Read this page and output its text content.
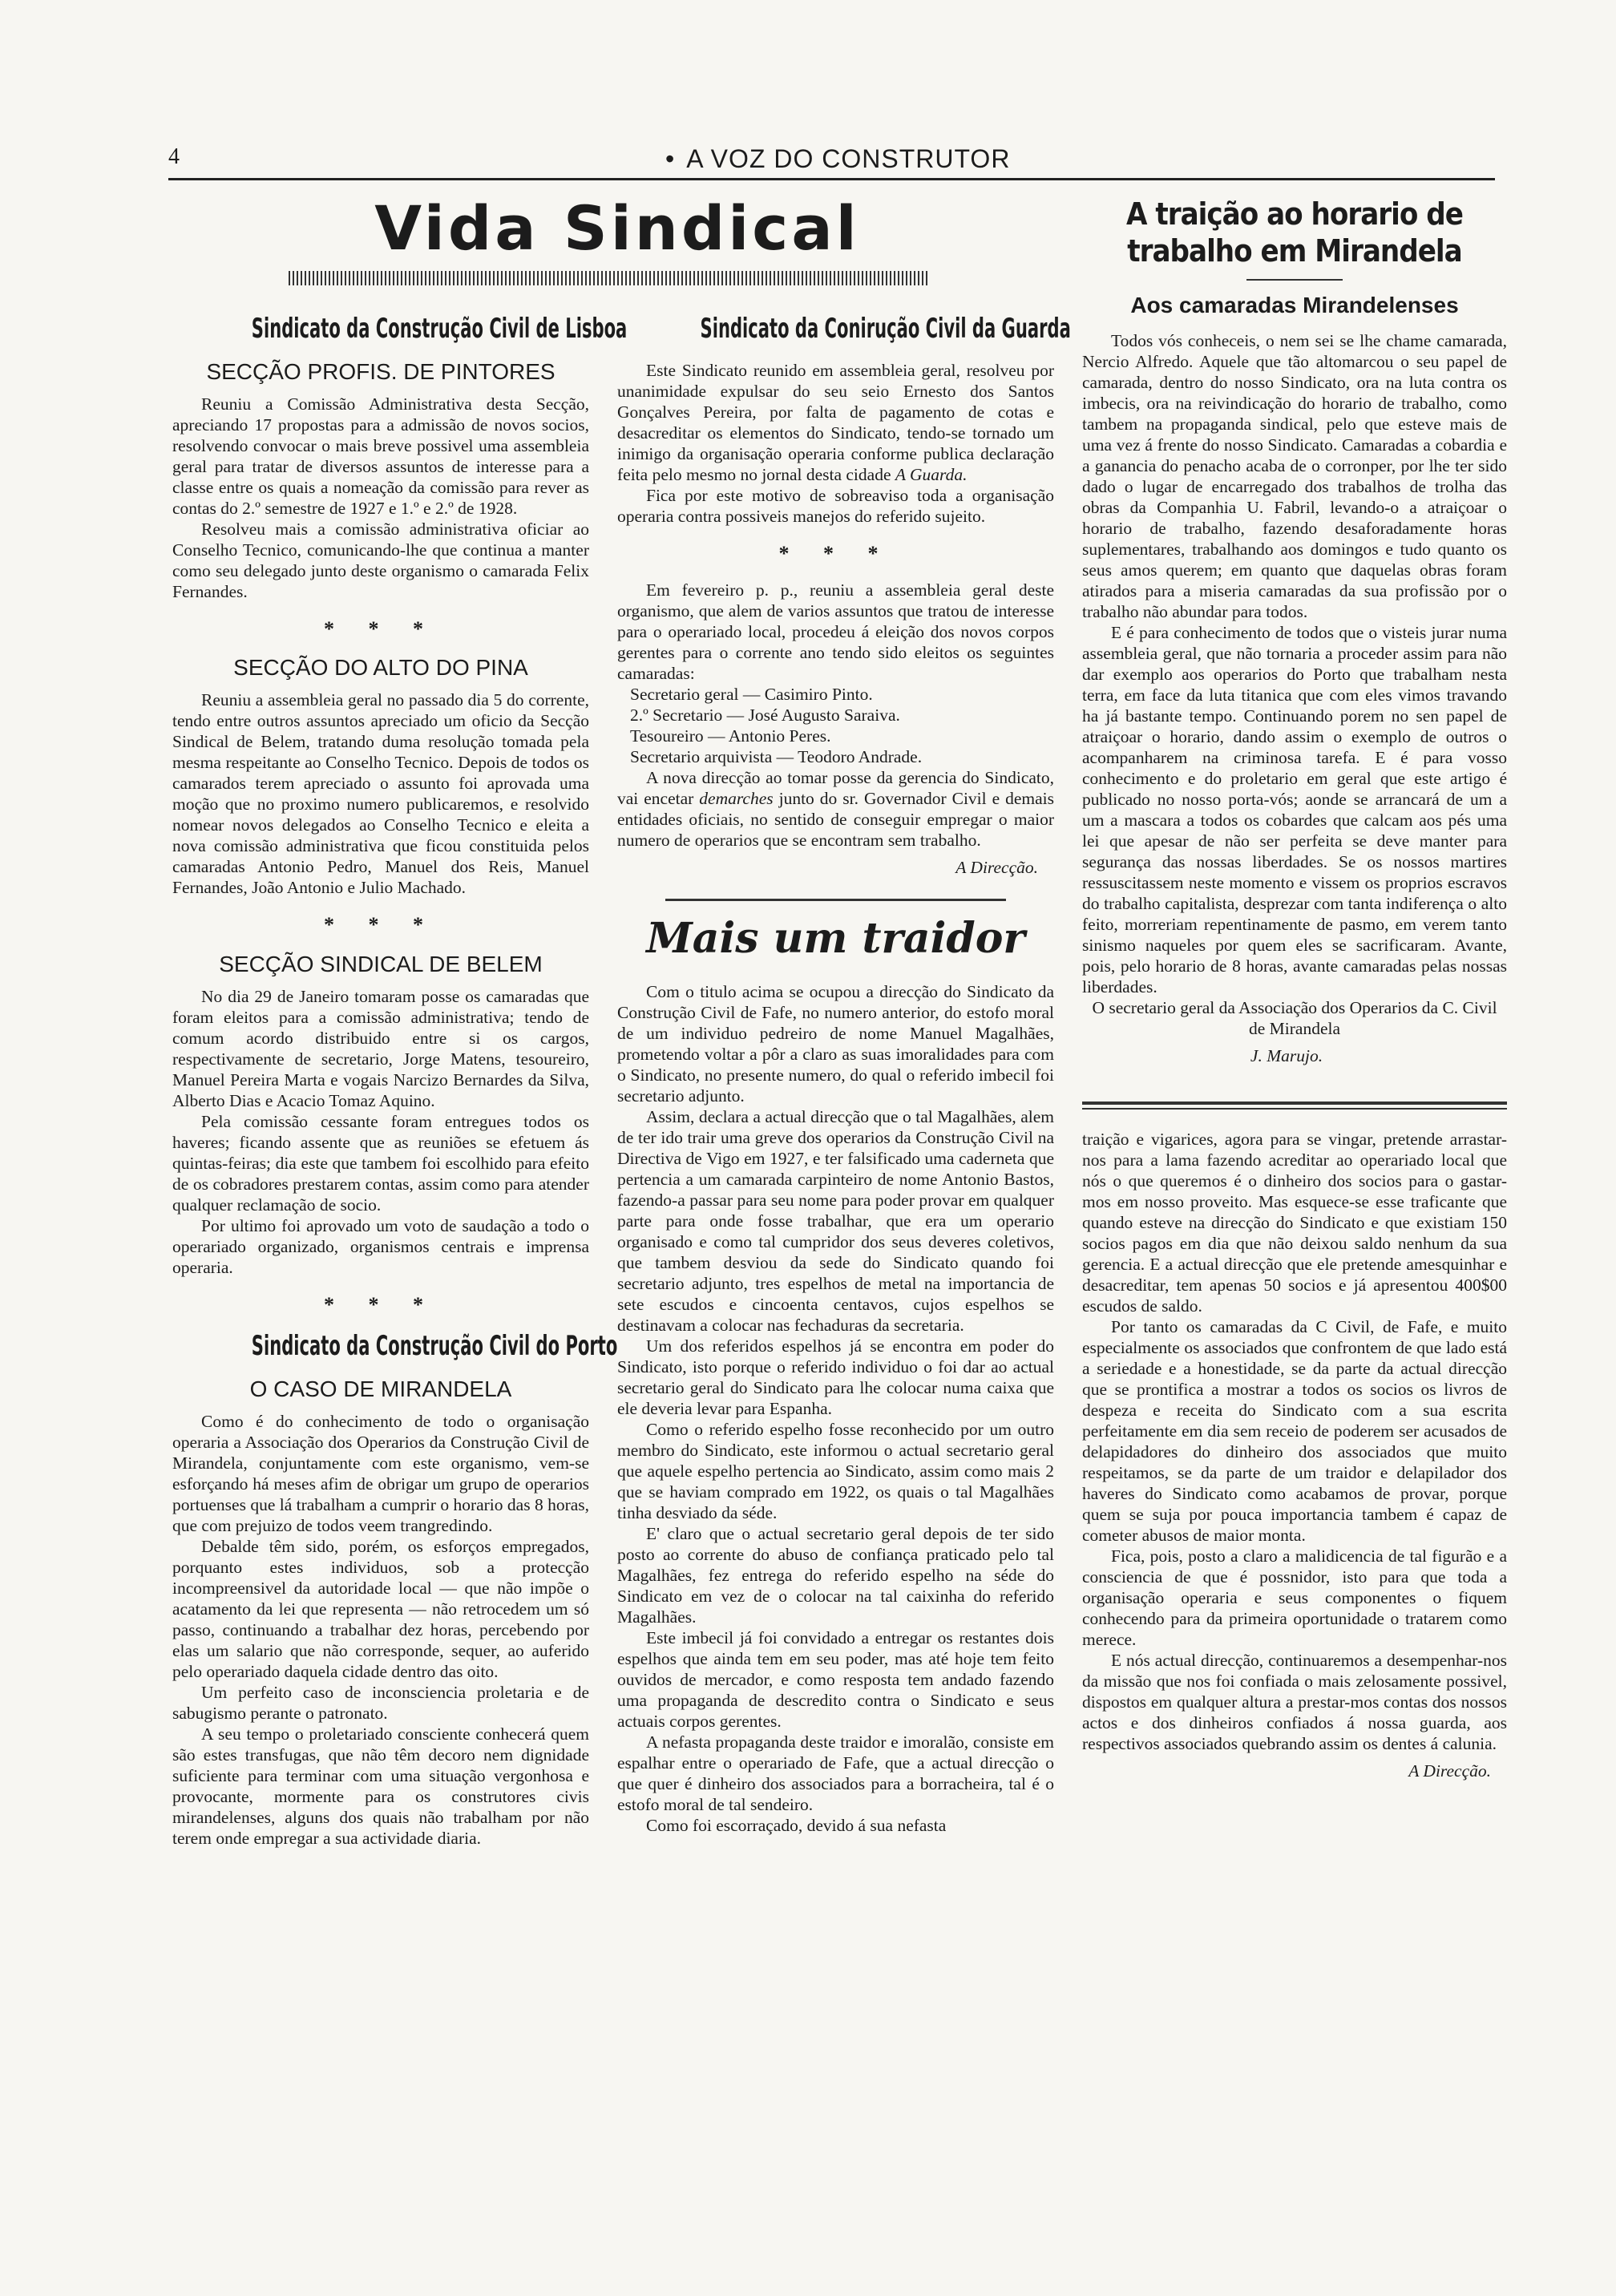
4	• A VOZ DO CONSTRUTOR
Vida Sindical
Sindicato da Construção Civil de Lisboa
SECÇÃO PROFIS. DE PINTORES

Reuniu a Comissão Administrativa desta Secção, apreciando 17 propostas para a admissão de novos socios, resolvendo convocar o mais breve possivel uma assembleia geral para tratar de diversos assuntos de interesse para a classe entre os quais a nomeação da comissão para rever as contas do 2.º semestre de 1927 e 1.º e 2.º de 1928.

Resolveu mais a comissão administrativa oficiar ao Conselho Tecnico, comunicando-lhe que continua a manter como seu delegado junto deste organismo o camarada Felix Fernandes.

* * *
SECÇÃO DO ALTO DO PINA

Reuniu a assembleia geral no passado dia 5 do corrente, tendo entre outros assuntos apreciado um oficio da Secção Sindical de Belem, tratando duma resolução tomada pela mesma respeitante ao Conselho Tecnico. Depois de todos os camarados terem apreciado o assunto foi aprovada uma moção que no proximo numero publicaremos, e resolvido nomear novos delegados ao Conselho Tecnico e eleita a nova comissão administrativa que ficou constituida pelos camaradas Antonio Pedro, Manuel dos Reis, Manuel Fernandes, João Antonio e Julio Machado.

* * *
SECÇÃO SINDICAL DE BELEM

No dia 29 de Janeiro tomaram posse os camaradas que foram eleitos para a comissão administrativa; tendo de comum acordo distribuido entre si os cargos, respectivamente de secretario, Jorge Matens, tesoureiro, Manuel Pereira Marta e vogais Narcizo Bernardes da Silva, Alberto Dias e Acacio Tomaz Aquino.

Pela comissão cessante foram entregues todos os haveres; ficando assente que as reuniões se efetuem ás quintas-feiras; dia este que tambem foi escolhido para efeito de os cobradores prestarem contas, assim como para atender qualquer reclamação de socio.

Por ultimo foi aprovado um voto de saudação a todo o operariado organizado, organismos centrais e imprensa operaria.

* * *
Sindicato da Construção Civil do Porto
O CASO DE MIRANDELA

Como é do conhecimento de todo o organisação operaria a Associação dos Operarios da Construção Civil de Mirandela, conjuntamente com este organismo, vem-se esforçando há meses afim de obrigar um grupo de operarios portuenses que lá trabalham a cumprir o horario das 8 horas, que com prejuizo de todos veem trangredindo.

Debalde têm sido, porém, os esforços empregados, porquanto estes individuos, sob a protecção incompreensivel da autoridade local — que não impõe o acatamento da lei que representa — não retrocedem um só passo, continuando a trabalhar dez horas, percebendo por elas um salario que não corresponde, sequer, ao auferido pelo operariado daquela cidade dentro das oito.

Um perfeito caso de inconsciencia proletaria e de sabugismo perante o patronato.

A seu tempo o proletariado consciente conhecerá quem são estes transfugas, que não têm decoro nem dignidade suficiente para terminar com uma situação vergonhosa e provocante, mormente para os construtores civis mirandelenses, alguns dos quais não trabalham por não terem onde empregar a sua actividade diaria.

Sindicato da Conirução Civil da Guarda

Este Sindicato reunido em assembleia geral, resolveu por unanimidade expulsar do seu seio Ernesto dos Santos Gonçalves Pereira, por falta de pagamento de cotas e desacreditar os elementos do Sindicato, tendo-se tornado um inimigo da organisação operaria conforme publica declaração feita pelo mesmo no jornal desta cidade A Guarda.

Fica por este motivo de sobreaviso toda a organisação operaria contra possiveis manejos do referido sujeito.

* * *

Em fevereiro p. p., reuniu a assembleia geral deste organismo, que alem de varios assuntos que tratou de interesse para o operariado local, procedeu á eleição dos novos corpos gerentes para o corrente ano tendo sido eleitos os seguintes camaradas:

Secretario geral — Casimiro Pinto.

2.º Secretario — José Augusto Saraiva.

Tesoureiro — Antonio Peres.

Secretario arquivista — Teodoro Andrade.

A nova direcção ao tomar posse da gerencia do Sindicato, vai encetar demarches junto do sr. Governador Civil e demais entidades oficiais, no sentido de conseguir empregar o maior numero de operarios que se encontram sem trabalho.

A Direcção.
Mais um traidor

Com o titulo acima se ocupou a direcção do Sindicato da Construção Civil de Fafe, no numero anterior, do estofo moral de um individuo pedreiro de nome Manuel Magalhães, prometendo voltar a pôr a claro as suas imoralidades para com o Sindicato, no presente numero, do qual o referido imbecil foi secretario adjunto.

Assim, declara a actual direcção que o tal Magalhães, alem de ter ido trair uma greve dos operarios da Construção Civil na Directiva de Vigo em 1927, e ter falsificado uma caderneta que pertencia a um camarada carpinteiro de nome Antonio Bastos, fazendo-a passar para seu nome para poder provar em qualquer parte para onde fosse trabalhar, que era um operario organisado e como tal cumpridor dos seus deveres coletivos, que tambem desviou da sede do Sindicato quando foi secretario adjunto, tres espelhos de metal na importancia de sete escudos e cincoenta centavos, cujos espelhos se destinavam a colocar nas fechaduras da secretaria.

Um dos referidos espelhos já se encontra em poder do Sindicato, isto porque o referido individuo o foi dar ao actual secretario geral do Sindicato para lhe colocar numa caixa que ele deveria levar para Espanha.

Como o referido espelho fosse reconhecido por um outro membro do Sindicato, este informou o actual secretario geral que aquele espelho pertencia ao Sindicato, assim como mais 2 que se haviam comprado em 1922, os quais o tal Magalhães tinha desviado da séde.

E' claro que o actual secretario geral depois de ter sido posto ao corrente do abuso de confiança praticado pelo tal Magalhães, fez entrega do referido espelho na séde do Sindicato em vez de o colocar na tal caixinha do referido Magalhães.

Este imbecil já foi convidado a entregar os restantes dois espelhos que ainda tem em seu poder, mas até hoje tem feito ouvidos de mercador, e como resposta tem andado fazendo uma propaganda de descredito contra o Sindicato e seus actuais corpos gerentes.

A nefasta propaganda deste traidor e imoralão, consiste em espalhar entre o operariado de Fafe, que a actual direcção o que quer é dinheiro dos associados para a borracheira, tal é o estofo moral de tal sendeiro.

Como foi escorraçado, devido á sua nefasta

A traição ao horario de trabalho em Mirandela
Aos camaradas Mirandelenses

Todos vós conheceis, o nem sei se lhe chame camarada, Nercio Alfredo. Aquele que tão altomarcou o seu papel de camarada, dentro do nosso Sindicato, ora na luta contra os imbecis, ora na reivindicação do horario de trabalho, como tambem na propaganda sindical, pelo que esteve mais de uma vez á frente do nosso Sindicato. Camaradas a cobardia e a ganancia do penacho acaba de o corronper, por lhe ter sido dado o lugar de encarregado dos trabalhos de trolha das obras da Companhia U. Fabril, levando-o a atraiçoar o horario de trabalho, fazendo desaforadamente horas suplementares, trabalhando aos domingos e tudo quanto os seus amos querem; em quanto que daquelas obras foram atirados para a miseria camaradas da sua profissão por o trabalho não abundar para todos.

E é para conhecimento de todos que o visteis jurar numa assembleia geral, que não tornaria a proceder assim para não dar exemplo aos operarios do Porto que trabalham nesta terra, em face da luta titanica que com eles vimos travando ha já bastante tempo. Continuando porem no sen papel de atraiçoar o horario, dando assim o exemplo de outros o acompanharem na criminosa tarefa. E é para vosso conhecimento e do proletario em geral que este artigo é publicado no nosso porta-vós; aonde se arrancará de um a um a mascara a todos os cobardes que calcam aos pés uma lei que apesar de não ser perfeita se deve manter para segurança das nossas liberdades. Se os nossos martires ressuscitassem neste momento e vissem os proprios escravos do trabalho capitalista, desprezar com tanta indiferença o alto feito, morreriam repentinamente de pasmo, em verem tanto sinismo naqueles por quem eles se sacrificaram. Avante, pois, pelo horario de 8 horas, avante camaradas pelas nossas liberdades.

O secretario geral da Associação dos Operarios da C. Civil de Mirandela

J. Marujo.

traição e vigarices, agora para se vingar, pretende arrastar-nos para a lama fazendo acreditar ao operariado local que nós o que queremos é o dinheiro dos socios para o gastar-mos em nosso proveito. Mas esquece-se esse traficante que quando esteve na direcção do Sindicato e que existiam 150 socios pagos em dia que não deixou saldo nenhum da sua gerencia. E a actual direcção que ele pretende amesquinhar e desacreditar, tem apenas 50 socios e já apresentou 400$00 escudos de saldo.

Por tanto os camaradas da C Civil, de Fafe, e muito especialmente os associados que confrontem de que lado está a seriedade e a honestidade, se da parte da actual direcção que se prontifica a mostrar a todos os socios os livros de despeza e receita do Sindicato com a sua escrita perfeitamente em dia sem receio de poderem ser acusados de delapidadores do dinheiro dos associados que muito respeitamos, se da parte de um traidor e delapilador dos haveres do Sindicato como acabamos de provar, porque quem se suja por pouca importancia tambem é capaz de cometer abusos de maior monta.

Fica, pois, posto a claro a malidicencia de tal figurão e a consciencia de que é possnidor, isto para que toda a organisação operaria e seus componentes o fiquem conhecendo para da primeira oportunidade o tratarem como merece.

E nós actual direcção, continuaremos a desempenhar-nos da missão que nos foi confiada o mais zelosamente possivel, dispostos em qualquer altura a prestar-mos contas dos nossos actos e dos dinheiros confiados á nossa guarda, aos respectivos associados quebrando assim os dentes á calunia.

A Direcção.
